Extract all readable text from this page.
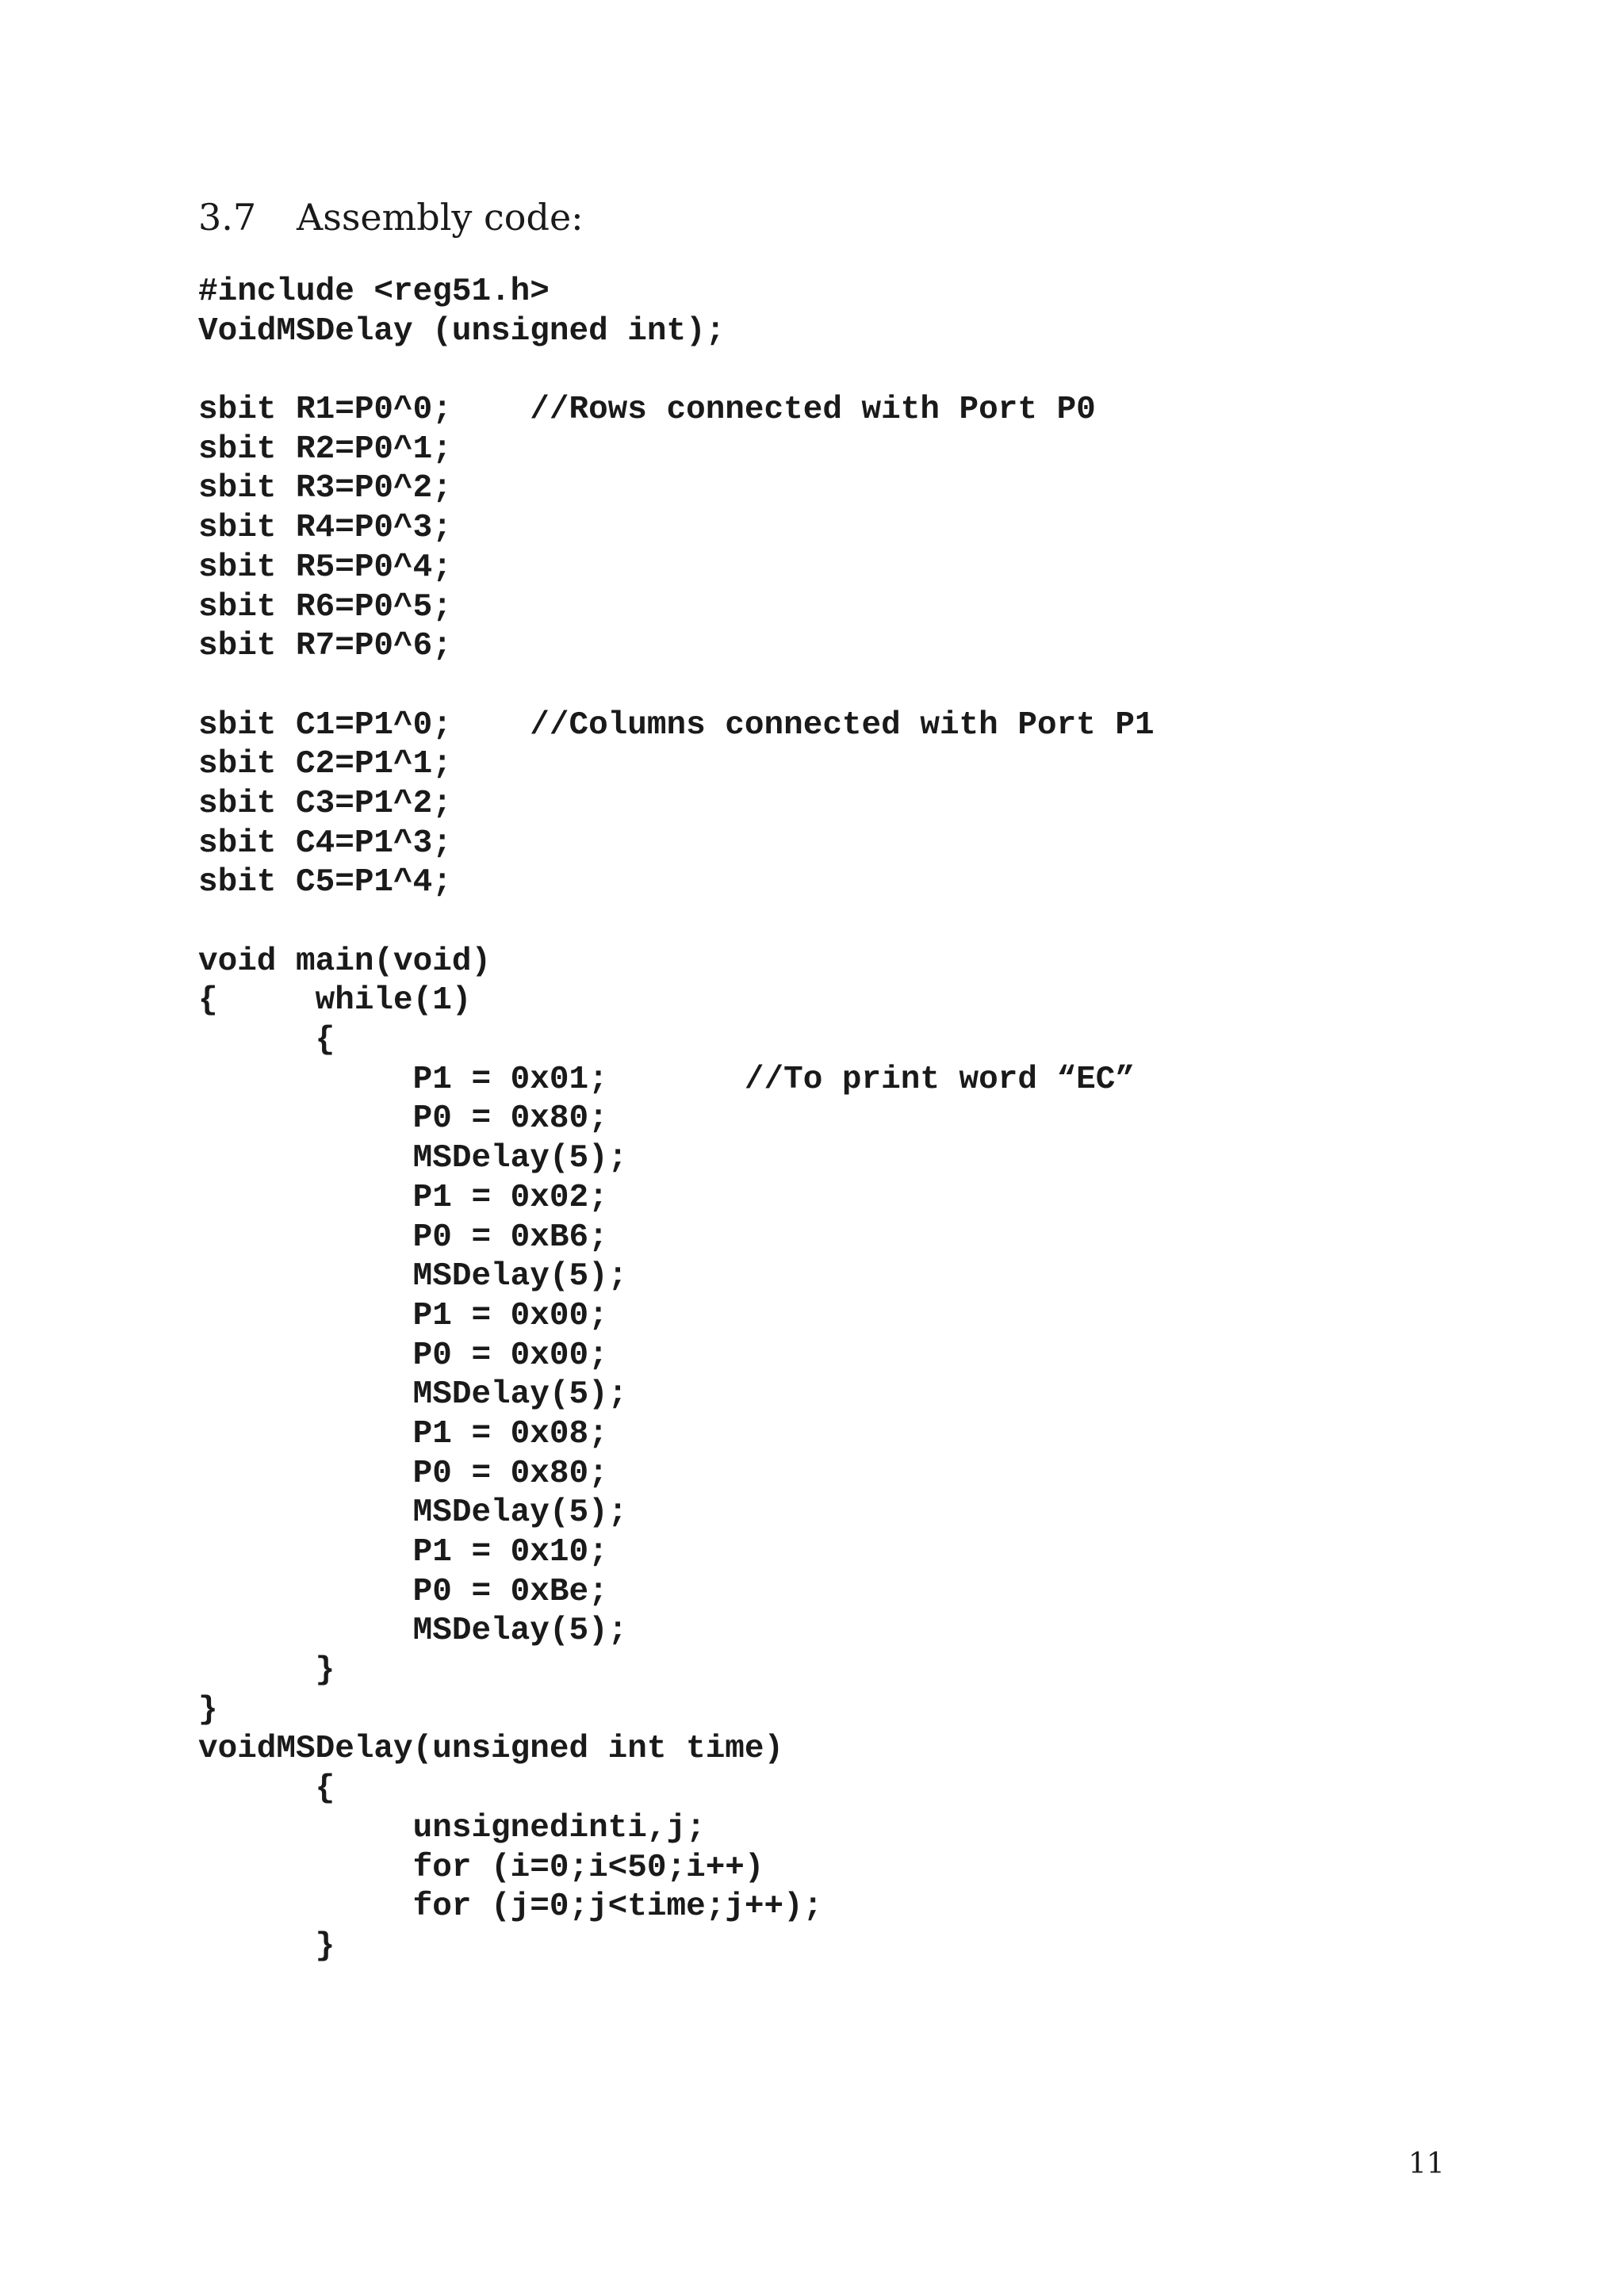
3.7 Assembly code:
#include <reg51.h>
VoidMSDelay (unsigned int);

sbit R1=P0^0;    //Rows connected with Port P0
sbit R2=P0^1;
sbit R3=P0^2;
sbit R4=P0^3;
sbit R5=P0^4;
sbit R6=P0^5;
sbit R7=P0^6;

sbit C1=P1^0;    //Columns connected with Port P1
sbit C2=P1^1;
sbit C3=P1^2;
sbit C4=P1^3;
sbit C5=P1^4;

void main(void)
{     while(1)
{
P1 = 0x01;       //To print word “EC”
P0 = 0x80;
MSDelay(5);
P1 = 0x02;
P0 = 0xB6;
MSDelay(5);
P1 = 0x00;
P0 = 0x00;
MSDelay(5);
P1 = 0x08;
P0 = 0x80;
MSDelay(5);
P1 = 0x10;
P0 = 0xBe;
MSDelay(5);
}
}
voidMSDelay(unsigned int time)
{
unsignedinti,j;
for (i=0;i<50;i++)
for (j=0;j<time;j++);
}
11
